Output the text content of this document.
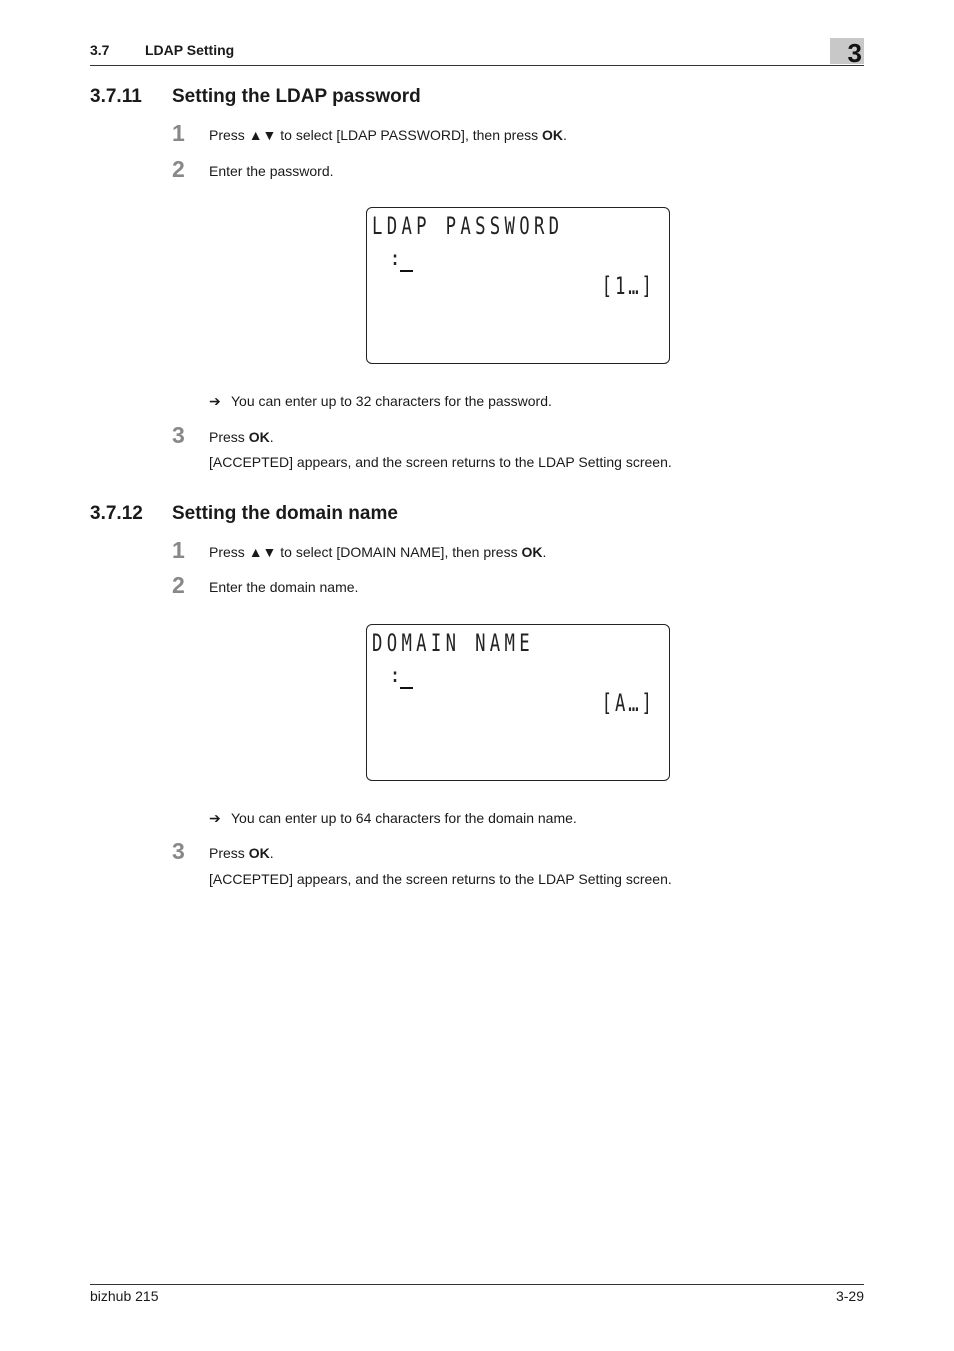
3.7	LDAP Setting	3
3.7.11 Setting the LDAP password
1 Press ▲▼ to select [LDAP PASSWORD], then press OK.
2 Enter the password.
LDAP PASSWORD
:
[1…]
➔ You can enter up to 32 characters for the password.
3 Press OK.
[ACCEPTED] appears, and the screen returns to the LDAP Setting screen.
3.7.12 Setting the domain name
1 Press ▲▼ to select [DOMAIN NAME], then press OK.
2 Enter the domain name.
DOMAIN NAME
:
[A…]
➔ You can enter up to 64 characters for the domain name.
3 Press OK.
[ACCEPTED] appears, and the screen returns to the LDAP Setting screen.
bizhub 215	3-29
